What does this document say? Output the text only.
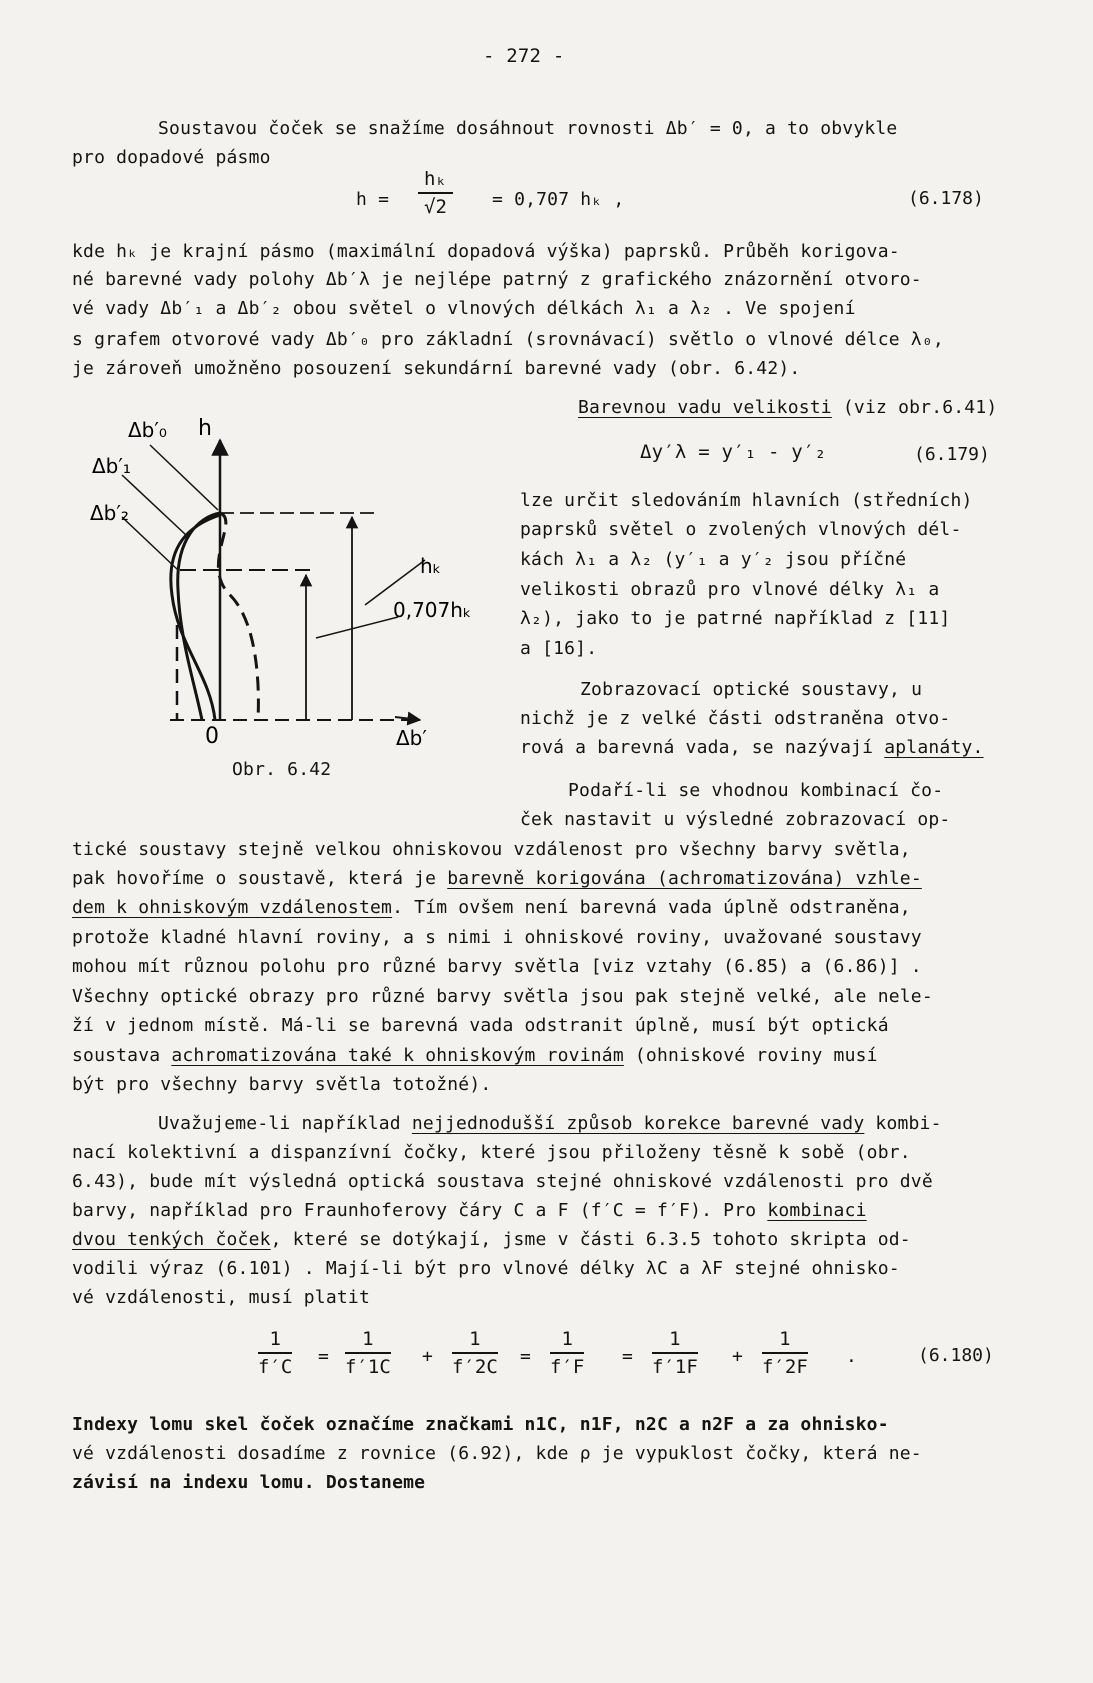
- 272 -
Soustavou čoček se snažíme dosáhnout rovnosti Δb′ = 0, a to obvykle
pro dopadové pásmo
$h = \frac{\text{hₖ}}{√2} = 0,707$ hₖ ,	(6.178)
kde hₖ je krajní pásmo (maximální dopadová výška) paprsků. Průběh korigova-
né barevné vady polohy Δb′λ je nejlépe patrný z grafického znázornění otvoro-
vé vady Δb′₁ a Δb′₂ obou světel o vlnových délkách λ₁ a λ₂ . Ve spojení
s grafem otvorové vady Δb′₀ pro základní (srovnávací) světlo o vlnové délce λ₀,
je zároveň umožněno posouzení sekundární barevné vady (obr. 6.42).
Δb′₀
Δb′₁
Δb′₂
h
hₖ
0,707hₖ
0	Δb′
Obr. 6.42
Barevnou vadu velikosti (viz obr.6.41)
Δy′λ = y′₁ - y′₂	(6.179)
lze určit sledováním hlavních (středních)
paprsků světel o zvolených vlnových dél-
kách λ₁ a λ₂ (y′₁ a y′₂ jsou příčné
velikosti obrazů pro vlnové délky λ₁ a
λ₂), jako to je patrné například z [11]
a [16].
Zobrazovací optické soustavy, u
nichž je z velké části odstraněna otvo-
rová a barevná vada, se nazývají aplanáty.
Podaří-li se vhodnou kombinací čo-
ček nastavit u výsledné zobrazovací op-
tické soustavy stejně velkou ohniskovou vzdálenost pro všechny barvy světla,
pak hovoříme o soustavě, která je barevně korigována (achromatizována) vzhle-
dem k ohniskovým vzdálenostem. Tím ovšem není barevná vada úplně odstraněna,
protože kladné hlavní roviny, a s nimi i ohniskové roviny, uvažované soustavy
mohou mít různou polohu pro různé barvy světla [viz vztahy (6.85) a (6.86)] .
Všechny optické obrazy pro různé barvy světla jsou pak stejně velké, ale nele-
ží v jednom místě. Má-li se barevná vada odstranit úplně, musí být optická
soustava achromatizována také k ohniskovým rovinám (ohniskové roviny musí
být pro všechny barvy světla totožné).
Uvažujeme-li například nejjednodušší způsob korekce barevné vady kombi-
nací kolektivní a dispanzívní čočky, které jsou přiloženy těsně k sobě (obr.
6.43), bude mít výsledná optická soustava stejné ohniskové vzdálenosti pro dvě
barvy, například pro Fraunhoferovy čáry C a F (f′C = f′F). Pro kombinaci
dvou tenkých čoček, které se dotýkají, jsme v části 6.3.5 tohoto skripta od-
vodili výraz (6.101) . Mají-li být pro vlnové délky λC a λF stejné ohnisko-
vé vzdálenosti, musí platit
$\frac{1}{f'C} = \frac{1}{f'1C} + \frac{1}{f'2C} = \frac{1}{f'F} = \frac{1}{f'1F} + \frac{1}{f'2F}$ .	(6.180)
Indexy lomu skel čoček označíme značkami n1C, n1F, n2C a n2F a za ohnisko-
vé vzdálenosti dosadíme z rovnice (6.92), kde ρ je vypuklost čočky, která ne-
závisí na indexu lomu. Dostaneme
